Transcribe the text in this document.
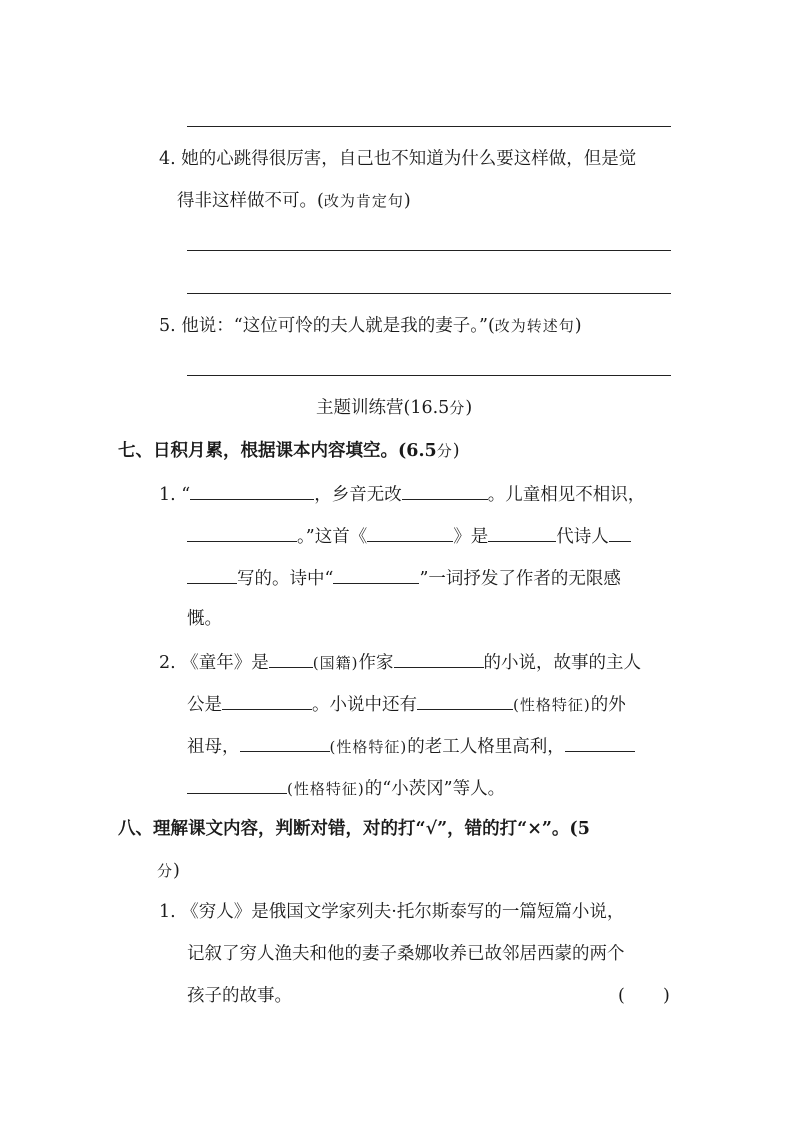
4. 她的心跳得很厉害，自己也不知道为什么要这样做，但是觉
得非这样做不可。(改为肯定句)
5. 他说：“这位可怜的夫人就是我的妻子。”(改为转述句)
主题训练营(16.5分)
七、日积月累，根据课本内容填空。(6.5分)
1. “	，乡音无改	。儿童相见不相识，
。”这首《	》是	代诗人
写的。诗中“	”一词抒发了作者的无限感
慨。
2. 《童年》是	(国籍)作家	的小说，故事的主人
公是	。小说中还有	(性格特征)的外
祖母，	(性格特征)的老工人格里高利，
(性格特征)的“小茨冈”等人。
八、理解课文内容，判断对错，对的打“√”，错的打“×”。(5
分)
1. 《穷人》是俄国文学家列夫·托尔斯泰写的一篇短篇小说，
记叙了穷人渔夫和他的妻子桑娜收养已故邻居西蒙的两个
孩子的故事。	( )
